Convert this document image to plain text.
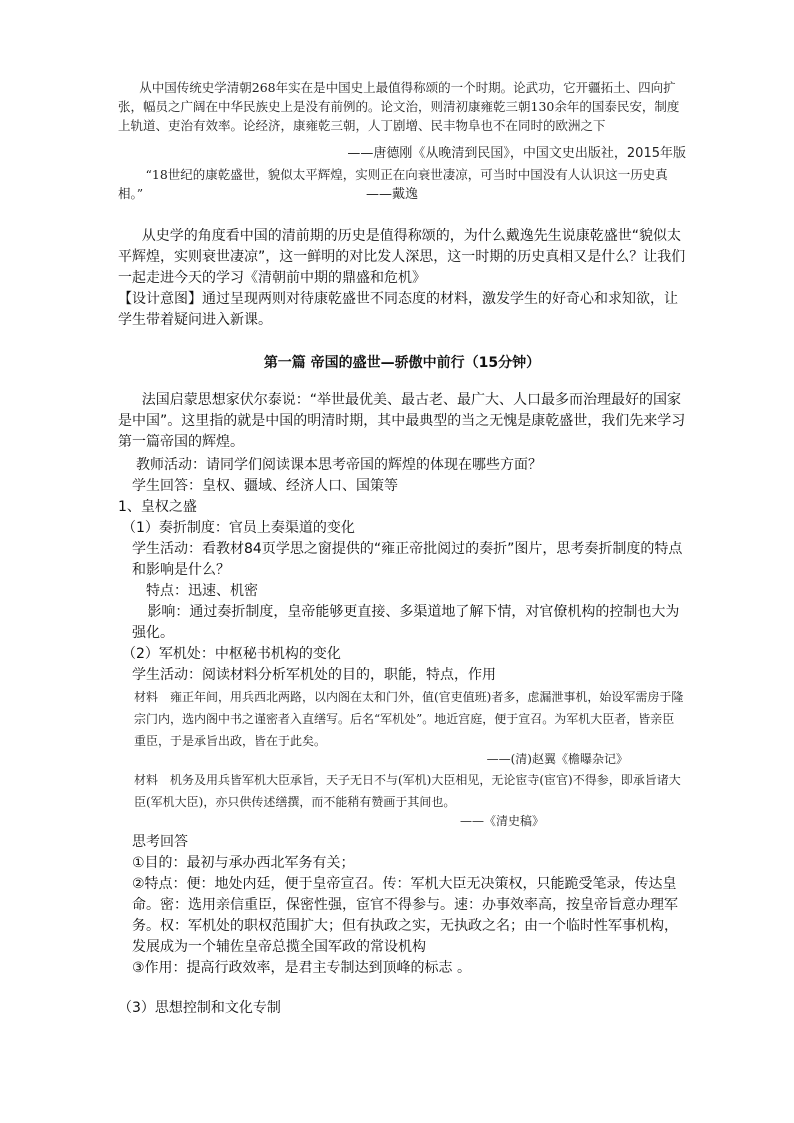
从中国传统史学清朝268年实在是中国史上最值得称颂的一个时期。论武功，它开疆拓土、四向扩张，幅员之广阔在中华民族史上是没有前例的。论文治，则清初康雍乾三朝130余年的国泰民安，制度上轨道、吏治有效率。论经济，康雍乾三朝，人丁剧增、民丰物阜也不在同时的欧洲之下

——唐德刚《从晚清到民国》，中国文史出版社，2015年版

“18世纪的康乾盛世，貌似太平辉煌，实则正在向衰世凄凉，可当时中国没有人认识这一历史真相。”	——戴逸

从史学的角度看中国的清前期的历史是值得称颂的，为什么戴逸先生说康乾盛世“貌似太平辉煌，实则衰世凄凉”，这一鲜明的对比发人深思，这一时期的历史真相又是什么？让我们一起走进今天的学习《清朝前中期的鼎盛和危机》

【设计意图】通过呈现两则对待康乾盛世不同态度的材料，激发学生的好奇心和求知欲，让学生带着疑问进入新课。

第一篇 帝国的盛世—骄傲中前行（15分钟）

法国启蒙思想家伏尔泰说：“举世最优美、最古老、最广大、人口最多而治理最好的国家是中国”。这里指的就是中国的明清时期，其中最典型的当之无愧是康乾盛世，我们先来学习第一篇帝国的辉煌。

教师活动：请同学们阅读课本思考帝国的辉煌的体现在哪些方面？

学生回答：皇权、疆域、经济人口、国策等

1、皇权之盛

（1）奏折制度：官员上奏渠道的变化

学生活动：看教材84页学思之窗提供的“雍正帝批阅过的奏折”图片，思考奏折制度的特点和影响是什么？

特点：迅速、机密

影响：通过奏折制度，皇帝能够更直接、多渠道地了解下情，对官僚机构的控制也大为强化。

（2）军机处：中枢秘书机构的变化

学生活动：阅读材料分析军机处的目的，职能，特点，作用

材料　雍正年间，用兵西北两路，以内阁在太和门外，值(官吏值班)者多，虑漏泄事机，始设军需房于隆宗门内，选内阁中书之谨密者入直缮写。后名“军机处”。地近宫庭，便于宣召。为军机大臣者，皆亲臣重臣，于是承旨出政，皆在于此矣。

——(清)赵翼《檐曝杂记》

材料　机务及用兵皆军机大臣承旨，天子无日不与(军机)大臣相见，无论宦寺(宦官)不得参，即承旨诸大臣(军机大臣)，亦只供传述缮撰，而不能稍有赞画于其间也。

——《清史稿》

思考回答

①目的：最初与承办西北军务有关；

②特点：便：地处内廷，便于皇帝宣召。传：军机大臣无决策权，只能跪受笔录，传达皇命。密：选用亲信重臣，保密性强，宦官不得参与。速：办事效率高，按皇帝旨意办理军务。权：军机处的职权范围扩大；但有执政之实，无执政之名；由一个临时性军事机构，发展成为一个辅佐皇帝总揽全国军政的常设机构

③作用：提高行政效率，是君主专制达到顶峰的标志 。

（3）思想控制和文化专制
